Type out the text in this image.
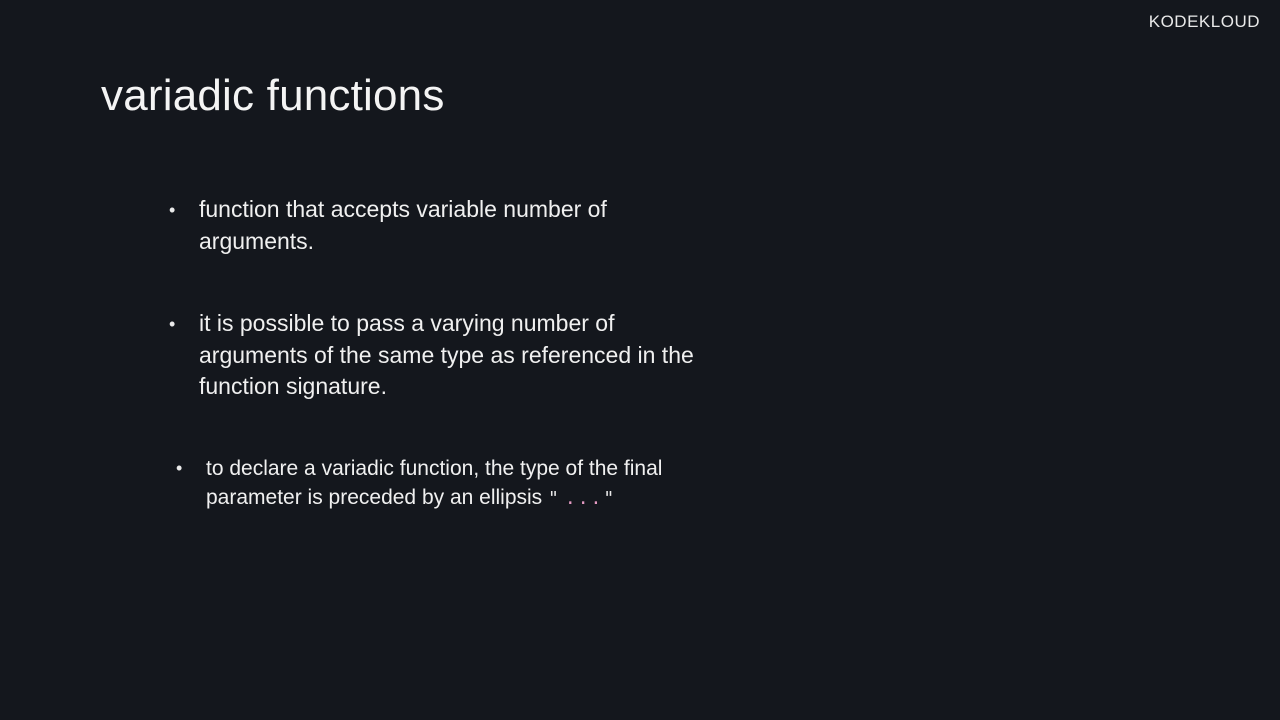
KODEKLOUD
variadic functions
• function that accepts variable number of
arguments.
• it is possible to pass a varying number of
arguments of the same type as referenced in the
function signature.
• to declare a variadic function, the type of the final
parameter is preceded by an ellipsis " ..."
